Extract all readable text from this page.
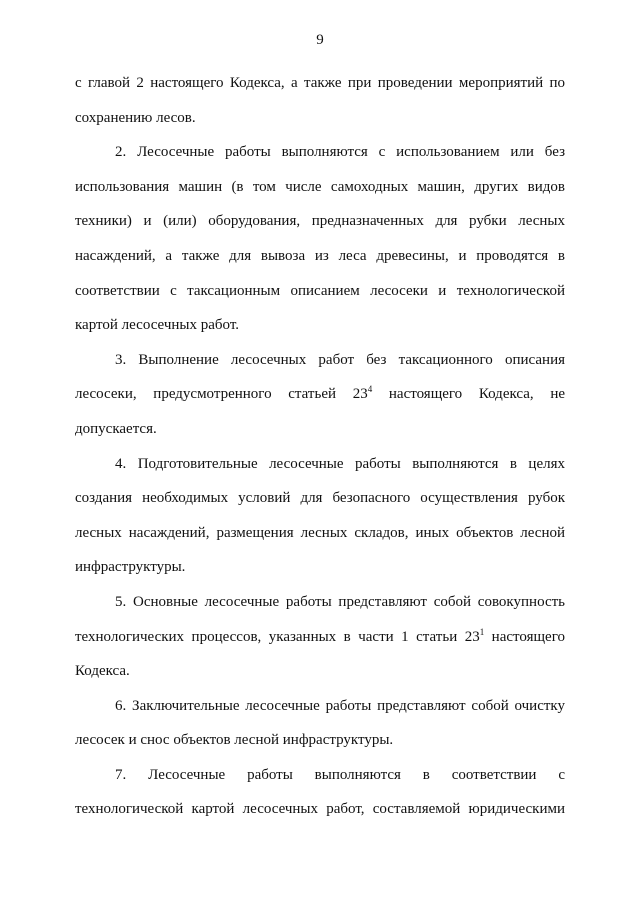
9

с главой 2 настоящего Кодекса, а также при проведении мероприятий по сохранению лесов.

2. Лесосечные работы выполняются с использованием или без использования машин (в том числе самоходных машин, других видов техники) и (или) оборудования, предназначенных для рубки лесных насаждений, а также для вывоза из леса древесины, и проводятся в соответствии с таксационным описанием лесосеки и технологической картой лесосечных работ.

3. Выполнение лесосечных работ без таксационного описания лесосеки, предусмотренного статьей $23^4$ настоящего Кодекса, не допускается.

4. Подготовительные лесосечные работы выполняются в целях создания необходимых условий для безопасного осуществления рубок лесных насаждений, размещения лесных складов, иных объектов лесной инфраструктуры.

5. Основные лесосечные работы представляют собой совокупность технологических процессов, указанных в части 1 статьи $23^1$ настоящего Кодекса.

6. Заключительные лесосечные работы представляют собой очистку лесосек и снос объектов лесной инфраструктуры.

7. Лесосечные работы выполняются в соответствии с технологической картой лесосечных работ, составляемой юридическими
